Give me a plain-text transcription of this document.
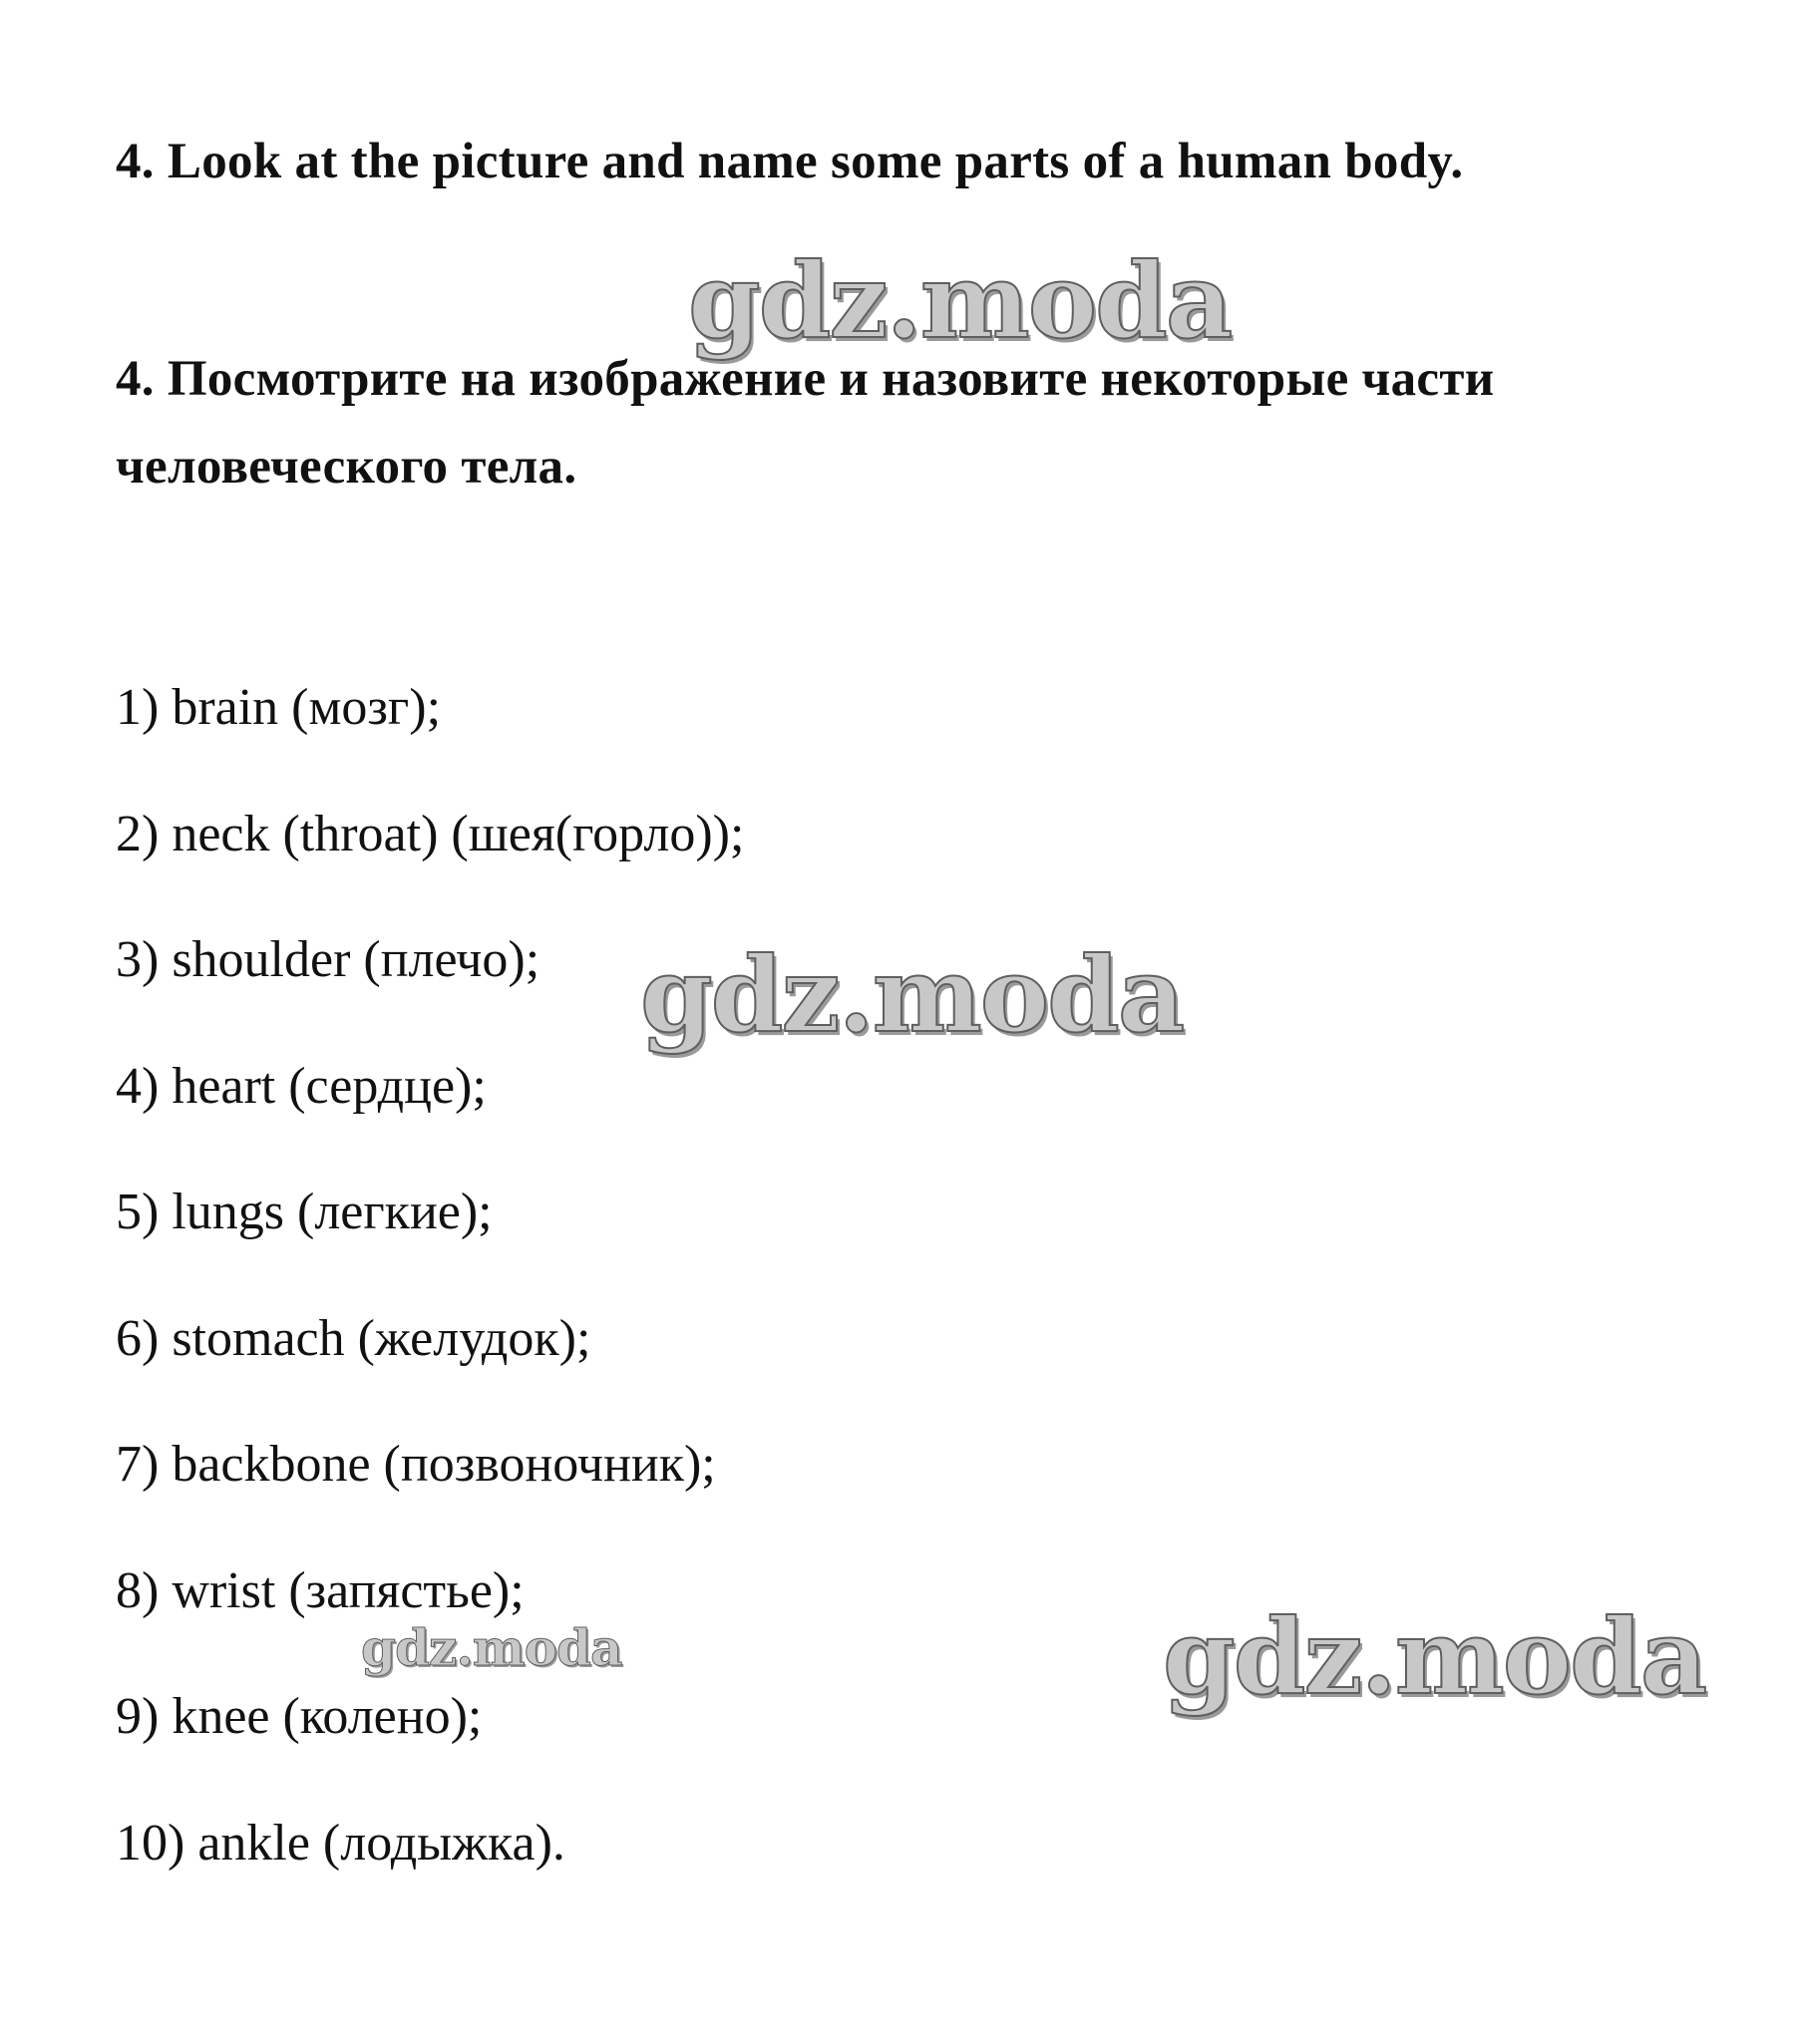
4. Look at the picture and name some parts of a human body.
gdz.moda
4. Посмотрите на изображение и назовите некоторые части человеческого тела.
1) brain (мозг);
2) neck (throat) (шея(горло));
3) shoulder (плечо);
4) heart (сердце);
5) lungs (легкие);
6) stomach (желудок);
7) backbone (позвоночник);
8) wrist (запястье);
9) knee (колено);
10) ankle (лодыжка).
gdz.moda
gdz.moda	gdz.moda
